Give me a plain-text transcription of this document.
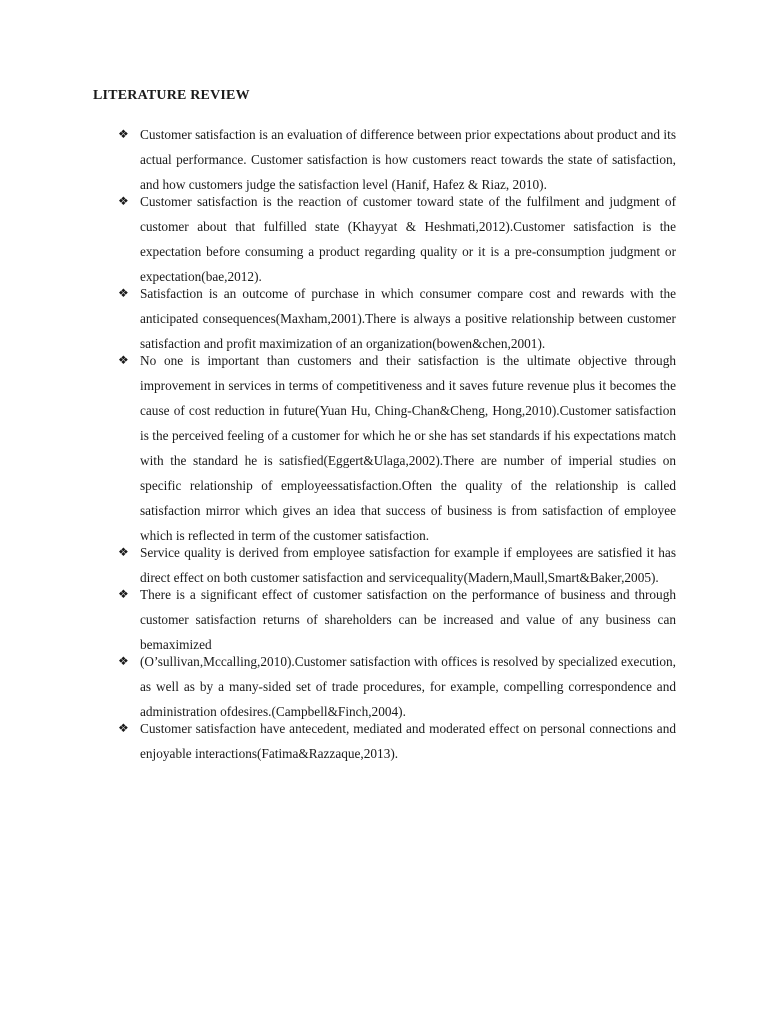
LITERATURE REVIEW
❖ Customer satisfaction is an evaluation of difference between prior expectations about product and its actual performance. Customer satisfaction is how customers react towards the state of satisfaction, and how customers judge the satisfaction level (Hanif, Hafez & Riaz, 2010).
❖ Customer satisfaction is the reaction of customer toward state of the fulfilment and judgment of customer about that fulfilled state (Khayyat & Heshmati,2012).Customer satisfaction is the expectation before consuming a product regarding quality or it is a pre-consumption judgment or expectation(bae,2012).
❖ Satisfaction is an outcome of purchase in which consumer compare cost and rewards with the anticipated consequences(Maxham,2001).There is always a positive relationship between customer satisfaction and profit maximization of an organization(bowen&chen,2001).
❖ No one is important than customers and their satisfaction is the ultimate objective through improvement in services in terms of competitiveness and it saves future revenue plus it becomes the cause of cost reduction in future(Yuan Hu, Ching-Chan&Cheng, Hong,2010).Customer satisfaction is the perceived feeling of a customer for which he or she has set standards if his expectations match with the standard he is satisfied(Eggert&Ulaga,2002).There are number of imperial studies on specific relationship of employeessatisfaction.Often the quality of the relationship is called satisfaction mirror which gives an idea that success of business is from satisfaction of employee which is reflected in term of the customer satisfaction.
❖ Service quality is derived from employee satisfaction for example if employees are satisfied it has direct effect on both customer satisfaction and servicequality(Madern,Maull,Smart&Baker,2005).
❖ There is a significant effect of customer satisfaction on the performance of business and through customer satisfaction returns of shareholders can be increased and value of any business can bemaximized
❖ (O’sullivan,Mccalling,2010).Customer satisfaction with offices is resolved by specialized execution, as well as by a many-sided set of trade procedures, for example, compelling correspondence and administration ofdesires.(Campbell&Finch,2004).
❖ Customer satisfaction have antecedent, mediated and moderated effect on personal connections and enjoyable interactions(Fatima&Razzaque,2013).
